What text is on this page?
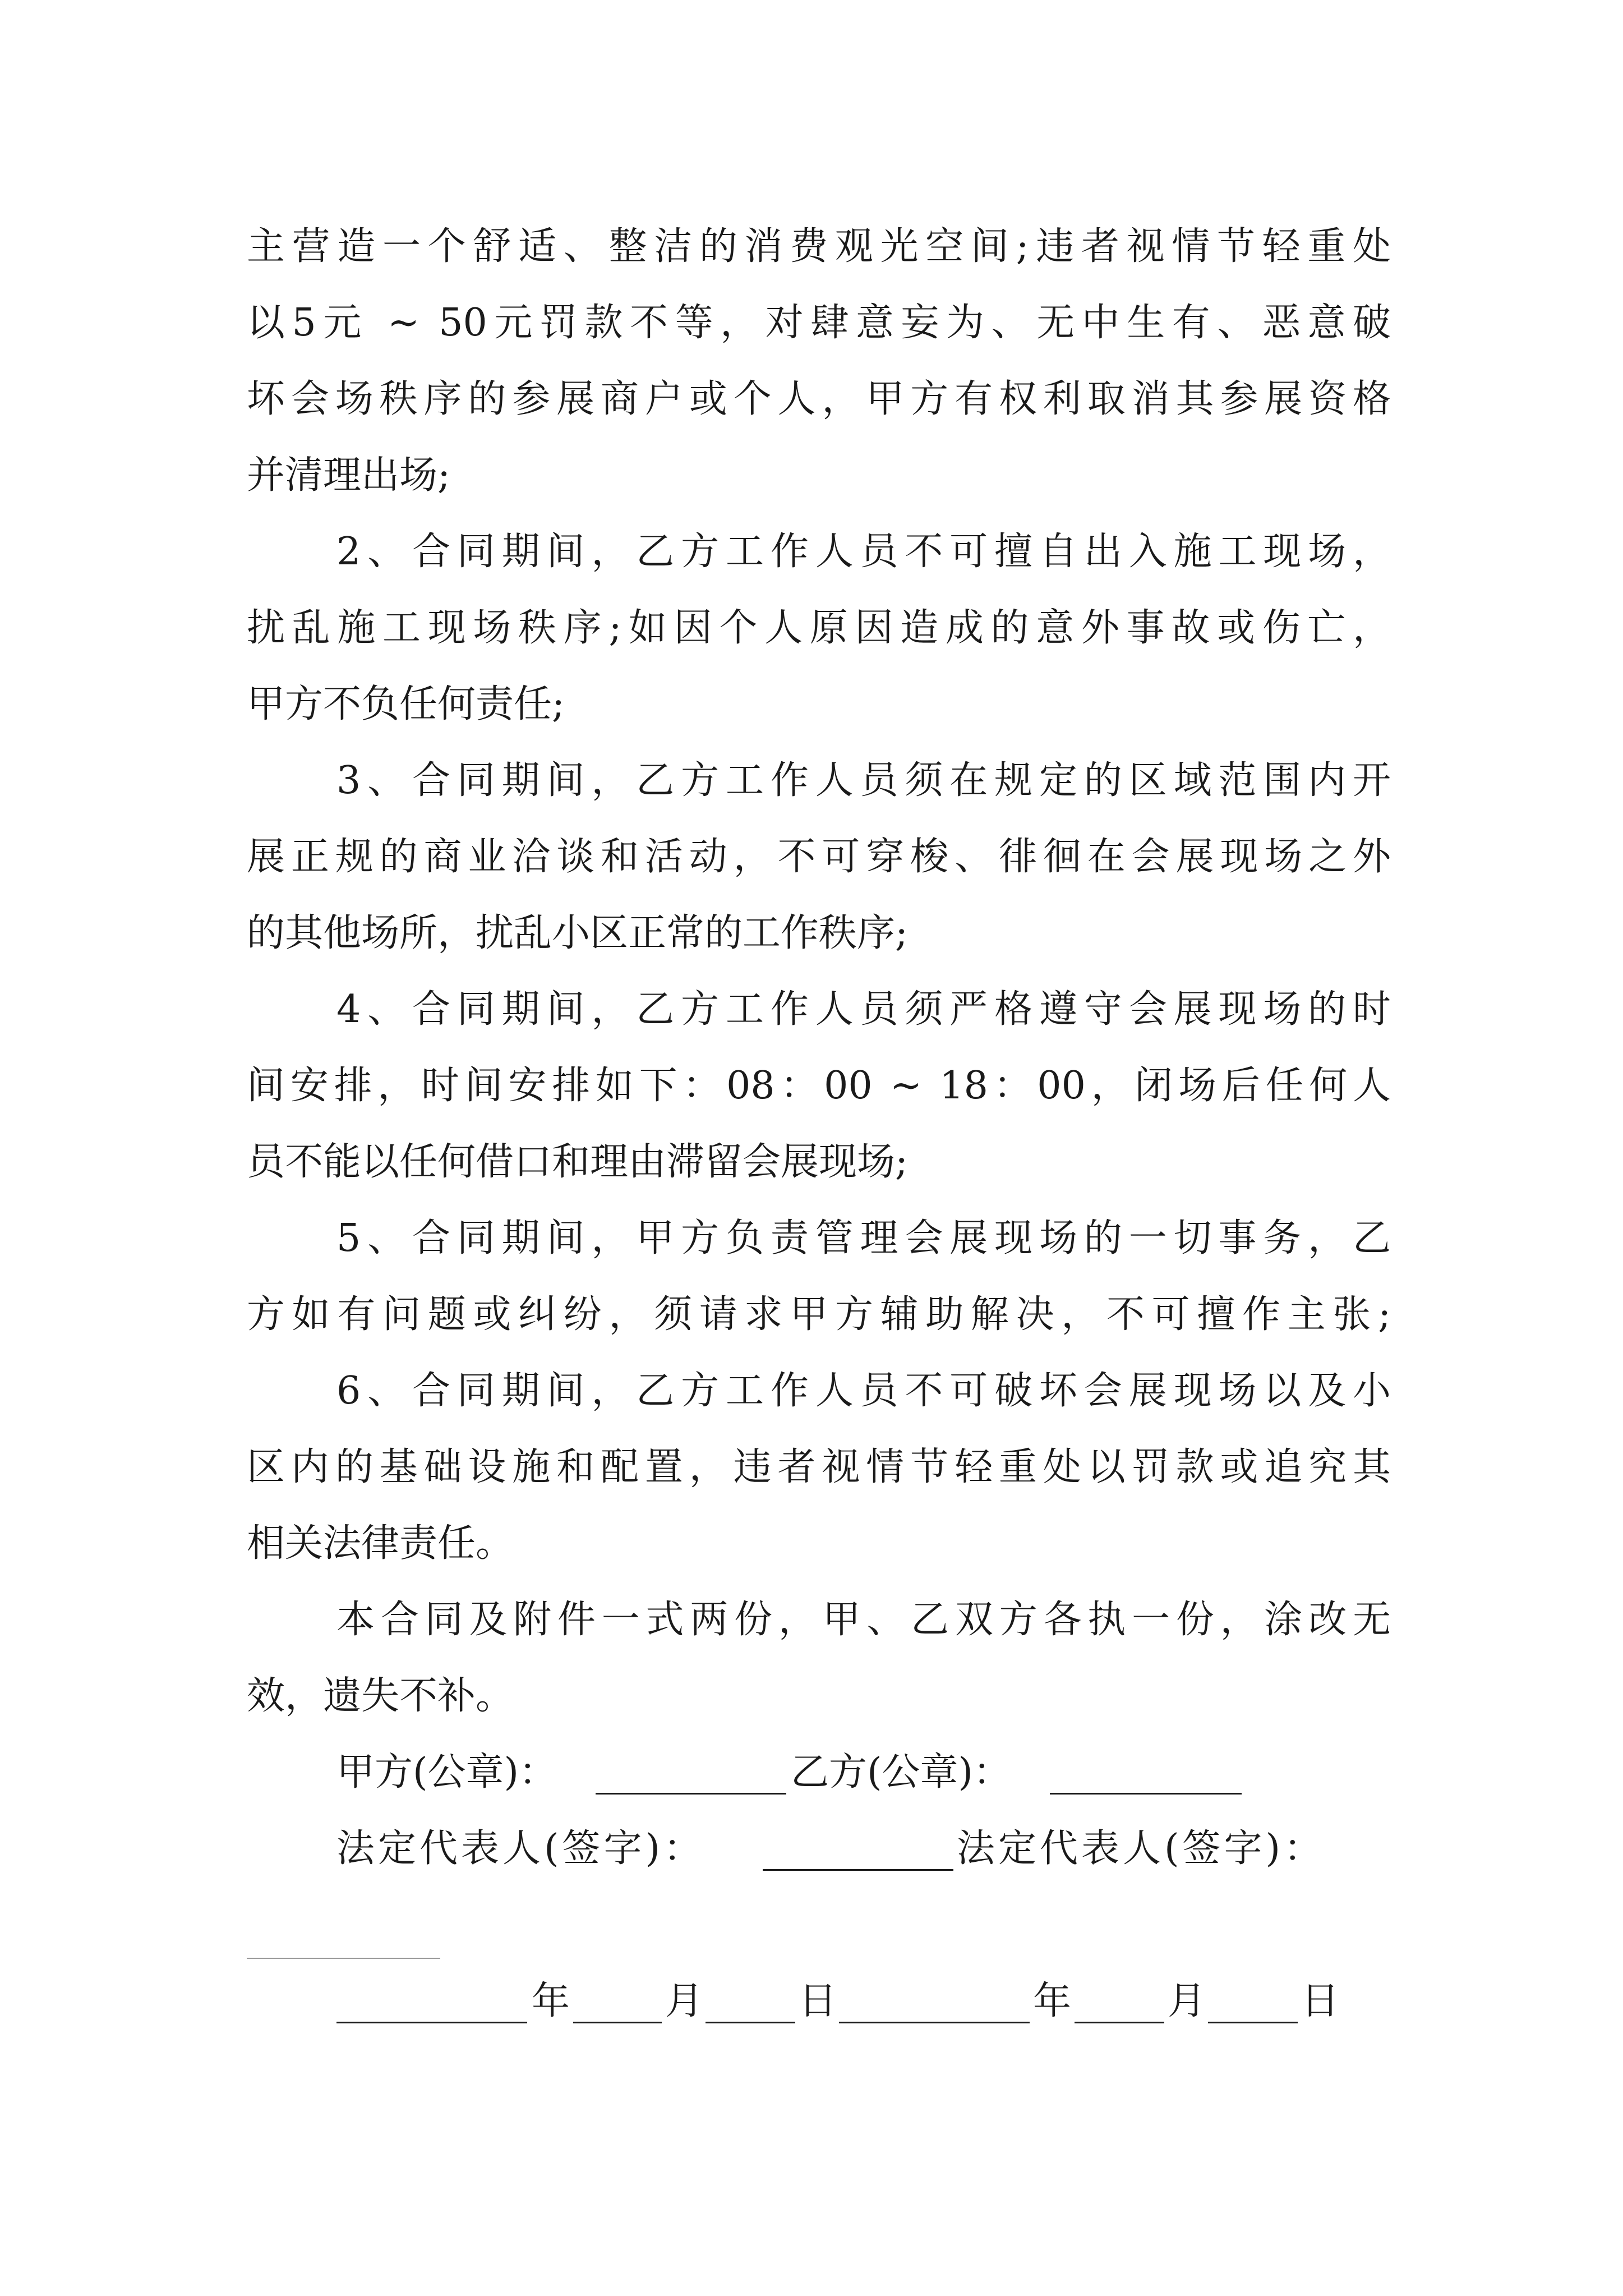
主营造一个舒适、整洁的消费观光空间;违者视情节轻重处
以5元 ~ 50元罚款不等，对肆意妄为、无中生有、恶意破
坏会场秩序的参展商户或个人，甲方有权利取消其参展资格
并清理出场;
2、合同期间，乙方工作人员不可擅自出入施工现场，
扰乱施工现场秩序;如因个人原因造成的意外事故或伤亡，
甲方不负任何责任;
3、合同期间，乙方工作人员须在规定的区域范围内开
展正规的商业洽谈和活动，不可穿梭、徘徊在会展现场之外
的其他场所，扰乱小区正常的工作秩序;
4、合同期间，乙方工作人员须严格遵守会展现场的时
间安排，时间安排如下：08：00 ~ 18：00，闭场后任何人
员不能以任何借口和理由滞留会展现场;
5、合同期间，甲方负责管理会展现场的一切事务，乙
方如有问题或纠纷，须请求甲方辅助解决，不可擅作主张;
6、合同期间，乙方工作人员不可破坏会展现场以及小
区内的基础设施和配置，违者视情节轻重处以罚款或追究其
相关法律责任。
本合同及附件一式两份，甲、乙双方各执一份，涂改无
效，遗失不补。
甲方(公章)：	乙方(公章)：
法定代表人(签字)：	法定代表人(签字)：
年 月 日	年	月 日
